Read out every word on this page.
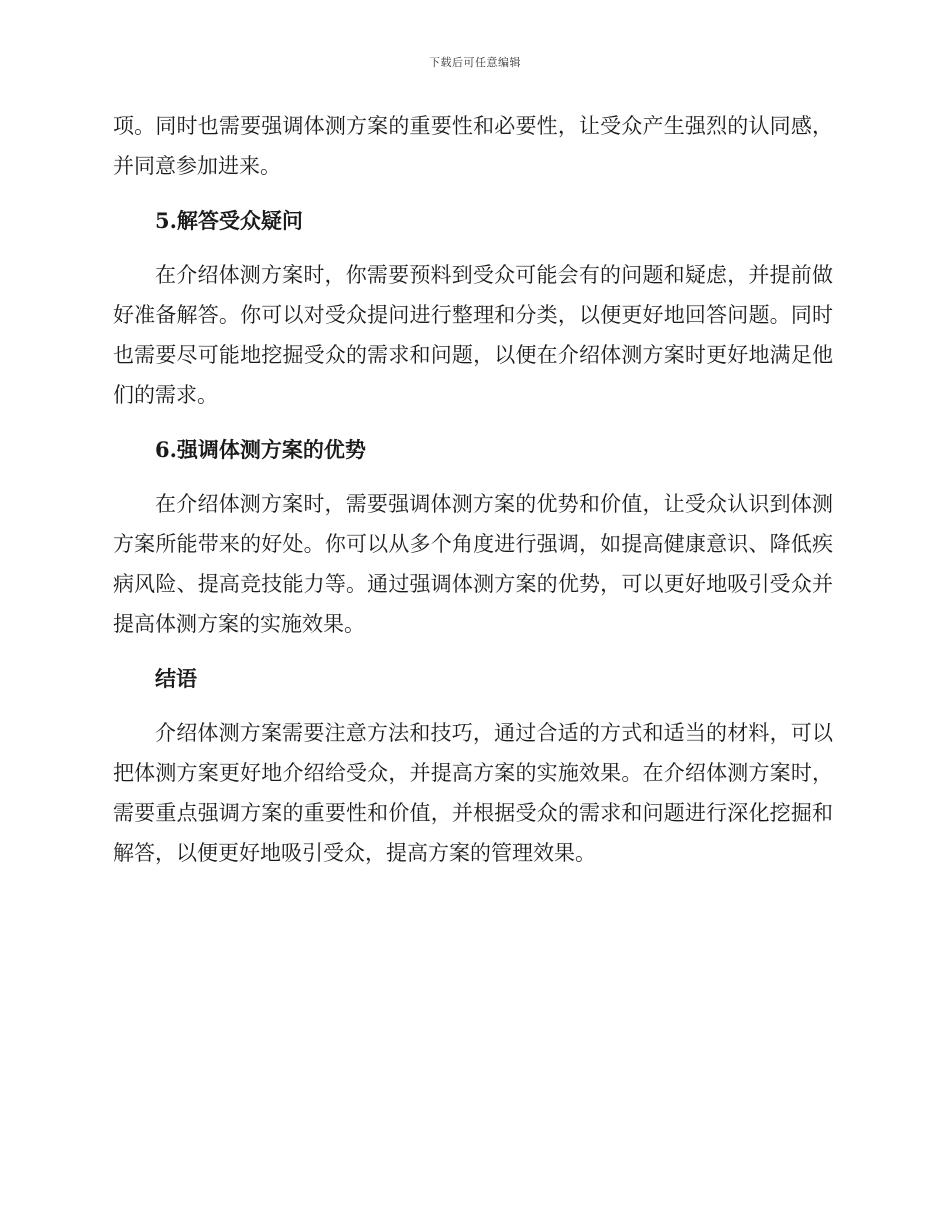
下载后可任意编辑

项。同时也需要强调体测方案的重要性和必要性，让受众产生强烈的认同感，并同意参加进来。

5.解答受众疑问

在介绍体测方案时，你需要预料到受众可能会有的问题和疑虑，并提前做好准备解答。你可以对受众提问进行整理和分类，以便更好地回答问题。同时也需要尽可能地挖掘受众的需求和问题，以便在介绍体测方案时更好地满足他们的需求。

6.强调体测方案的优势

在介绍体测方案时，需要强调体测方案的优势和价值，让受众认识到体测方案所能带来的好处。你可以从多个角度进行强调，如提高健康意识、降低疾病风险、提高竞技能力等。通过强调体测方案的优势，可以更好地吸引受众并提高体测方案的实施效果。

结语

介绍体测方案需要注意方法和技巧，通过合适的方式和适当的材料，可以把体测方案更好地介绍给受众，并提高方案的实施效果。在介绍体测方案时，需要重点强调方案的重要性和价值，并根据受众的需求和问题进行深化挖掘和解答，以便更好地吸引受众，提高方案的管理效果。
